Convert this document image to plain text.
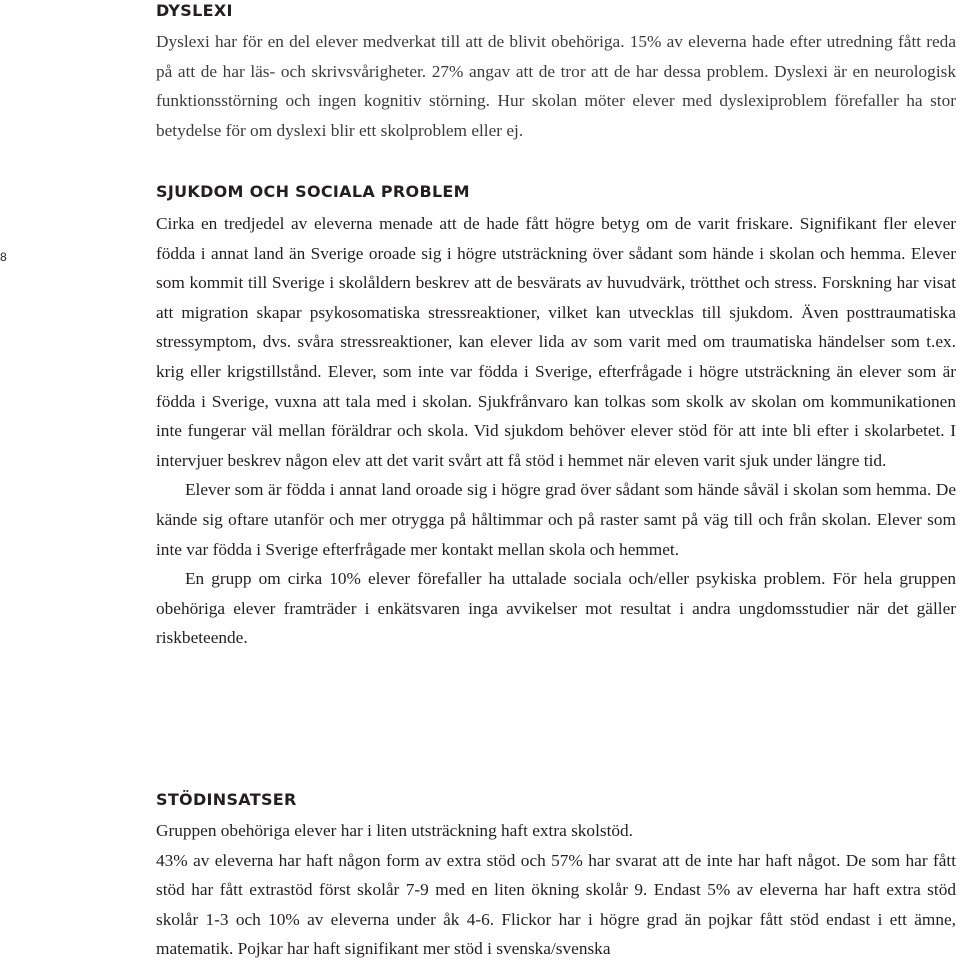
8
DYSLEXI

Dyslexi har för en del elever medverkat till att de blivit obehöriga. 15% av eleverna hade efter utredning fått reda på att de har läs- och skrivsvårigheter. 27% angav att de tror att de har dessa problem. Dyslexi är en neurologisk funktionsstörning och ingen kognitiv störning. Hur skolan möter elever med dyslexiproblem förefaller ha stor betydelse för om dyslexi blir ett skolproblem eller ej.

SJUKDOM OCH SOCIALA PROBLEM

Cirka en tredjedel av eleverna menade att de hade fått högre betyg om de varit friskare. Signifikant fler elever födda i annat land än Sverige oroade sig i högre utsträckning över sådant som hände i skolan och hemma. Elever som kommit till Sverige i skolåldern beskrev att de besvärats av huvudvärk, trötthet och stress. Forskning har visat att migration skapar psykosomatiska stressreaktioner, vilket kan utvecklas till sjukdom. Även posttraumatiska stressymptom, dvs. svåra stressreaktioner, kan elever lida av som varit med om traumatiska händelser som t.ex. krig eller krigstillstånd. Elever, som inte var födda i Sverige, efterfrågade i högre utsträckning än elever som är födda i Sverige, vuxna att tala med i skolan. Sjukfrånvaro kan tolkas som skolk av skolan om kommunikationen inte fungerar väl mellan föräldrar och skola. Vid sjukdom behöver elever stöd för att inte bli efter i skolarbetet. I intervjuer beskrev någon elev att det varit svårt att få stöd i hemmet när eleven varit sjuk under längre tid.

Elever som är födda i annat land oroade sig i högre grad över sådant som hände såväl i skolan som hemma. De kände sig oftare utanför och mer otrygga på håltimmar och på raster samt på väg till och från skolan. Elever som inte var födda i Sverige efterfrågade mer kontakt mellan skola och hemmet.

En grupp om cirka 10% elever förefaller ha uttalade sociala och/eller psykiska problem. För hela gruppen obehöriga elever framträder i enkätsvaren inga avvikelser mot resultat i andra ungdomsstudier när det gäller riskbeteende.

STÖDINSATSER

Gruppen obehöriga elever har i liten utsträckning haft extra skolstöd.

43% av eleverna har haft någon form av extra stöd och 57% har svarat att de inte har haft något. De som har fått stöd har fått extrastöd först skolår 7-9 med en liten ökning skolår 9. Endast 5% av eleverna har haft extra stöd skolår 1-3 och 10% av eleverna under åk 4-6. Flickor har i högre grad än pojkar fått stöd endast i ett ämne, matematik. Pojkar har haft signifikant mer stöd i svenska/svenska
